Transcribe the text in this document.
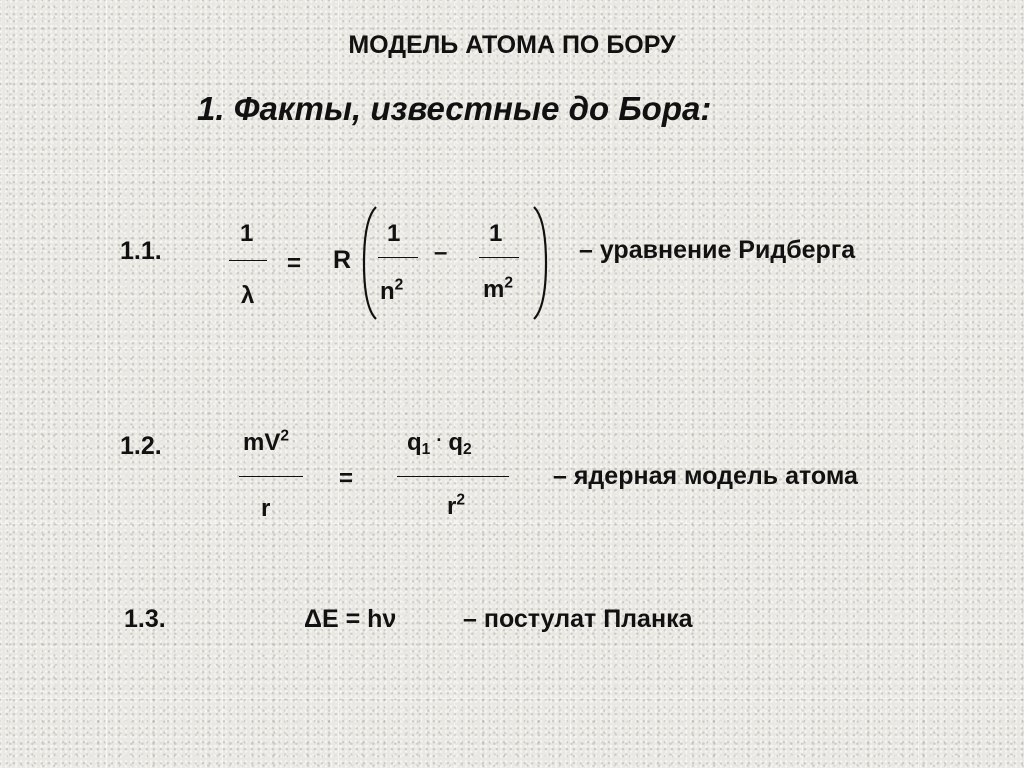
МОДЕЛЬ АТОМА ПО БОРУ
1. Факты, известные до Бора:
1.1.
1
λ
= R
1
$n^2$
–
1
$m^2$
– уравнение Ридберга
1.2.	$mV^2$
r
=
$q_1 \cdot q_2$
$r^2$
– ядерная модель атома
1.3.	ΔE = hν	– постулат Планка
